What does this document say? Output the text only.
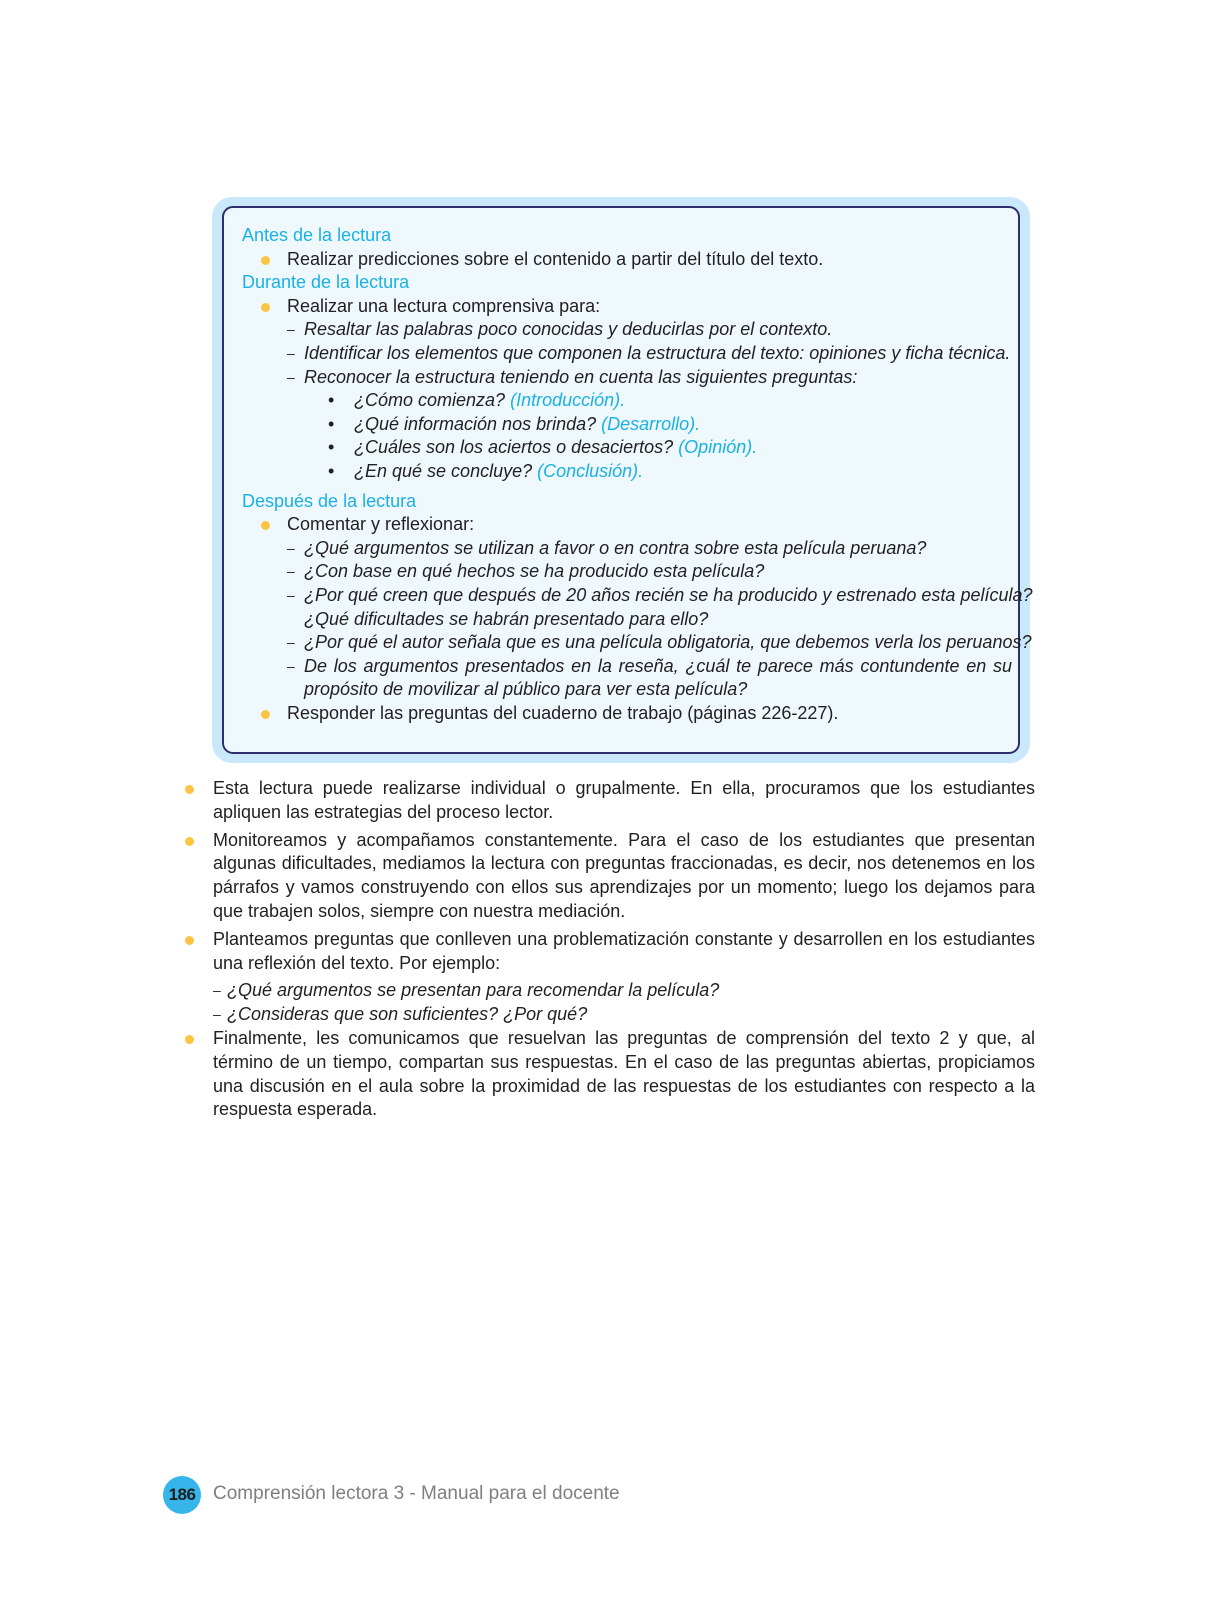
Antes de la lectura
Realizar predicciones sobre el contenido a partir del título del texto.
Durante de la lectura
Realizar una lectura comprensiva para:
– Resaltar las palabras poco conocidas y deducirlas por el contexto.
– Identificar los elementos que componen la estructura del texto: opiniones y ficha técnica.
– Reconocer la estructura teniendo en cuenta las siguientes preguntas:
• ¿Cómo comienza? (Introducción).
• ¿Qué información nos brinda? (Desarrollo).
• ¿Cuáles son los aciertos o desaciertos? (Opinión).
• ¿En qué se concluye? (Conclusión).
Después de la lectura
Comentar y reflexionar:
– ¿Qué argumentos se utilizan a favor o en contra sobre esta película peruana?
– ¿Con base en qué hechos se ha producido esta película?
– ¿Por qué creen que después de 20 años recién se ha producido y estrenado esta película?
¿Qué dificultades se habrán presentado para ello?
– ¿Por qué el autor señala que es una película obligatoria, que debemos verla los peruanos?
– De los argumentos presentados en la reseña, ¿cuál te parece más contundente en su
propósito de movilizar al público para ver esta película?
Responder las preguntas del cuaderno de trabajo (páginas 226-227).
Esta lectura puede realizarse individual o grupalmente. En ella, procuramos que los estudiantes apliquen las estrategias del proceso lector.
Monitoreamos y acompañamos constantemente. Para el caso de los estudiantes que presentan algunas dificultades, mediamos la lectura con preguntas fraccionadas, es decir, nos detenemos en los párrafos y vamos construyendo con ellos sus aprendizajes por un momento; luego los dejamos para que trabajen solos, siempre con nuestra mediación.
Planteamos preguntas que conlleven una problematización constante y desarrollen en los estudiantes una reflexión del texto. Por ejemplo:
– ¿Qué argumentos se presentan para recomendar la película?
– ¿Consideras que son suficientes? ¿Por qué?
Finalmente, les comunicamos que resuelvan las preguntas de comprensión del texto 2 y que, al término de un tiempo, compartan sus respuestas. En el caso de las preguntas abiertas, propiciamos una discusión en el aula sobre la proximidad de las respuestas de los estudiantes con respecto a la respuesta esperada.
186 Comprensión lectora 3 - Manual para el docente
